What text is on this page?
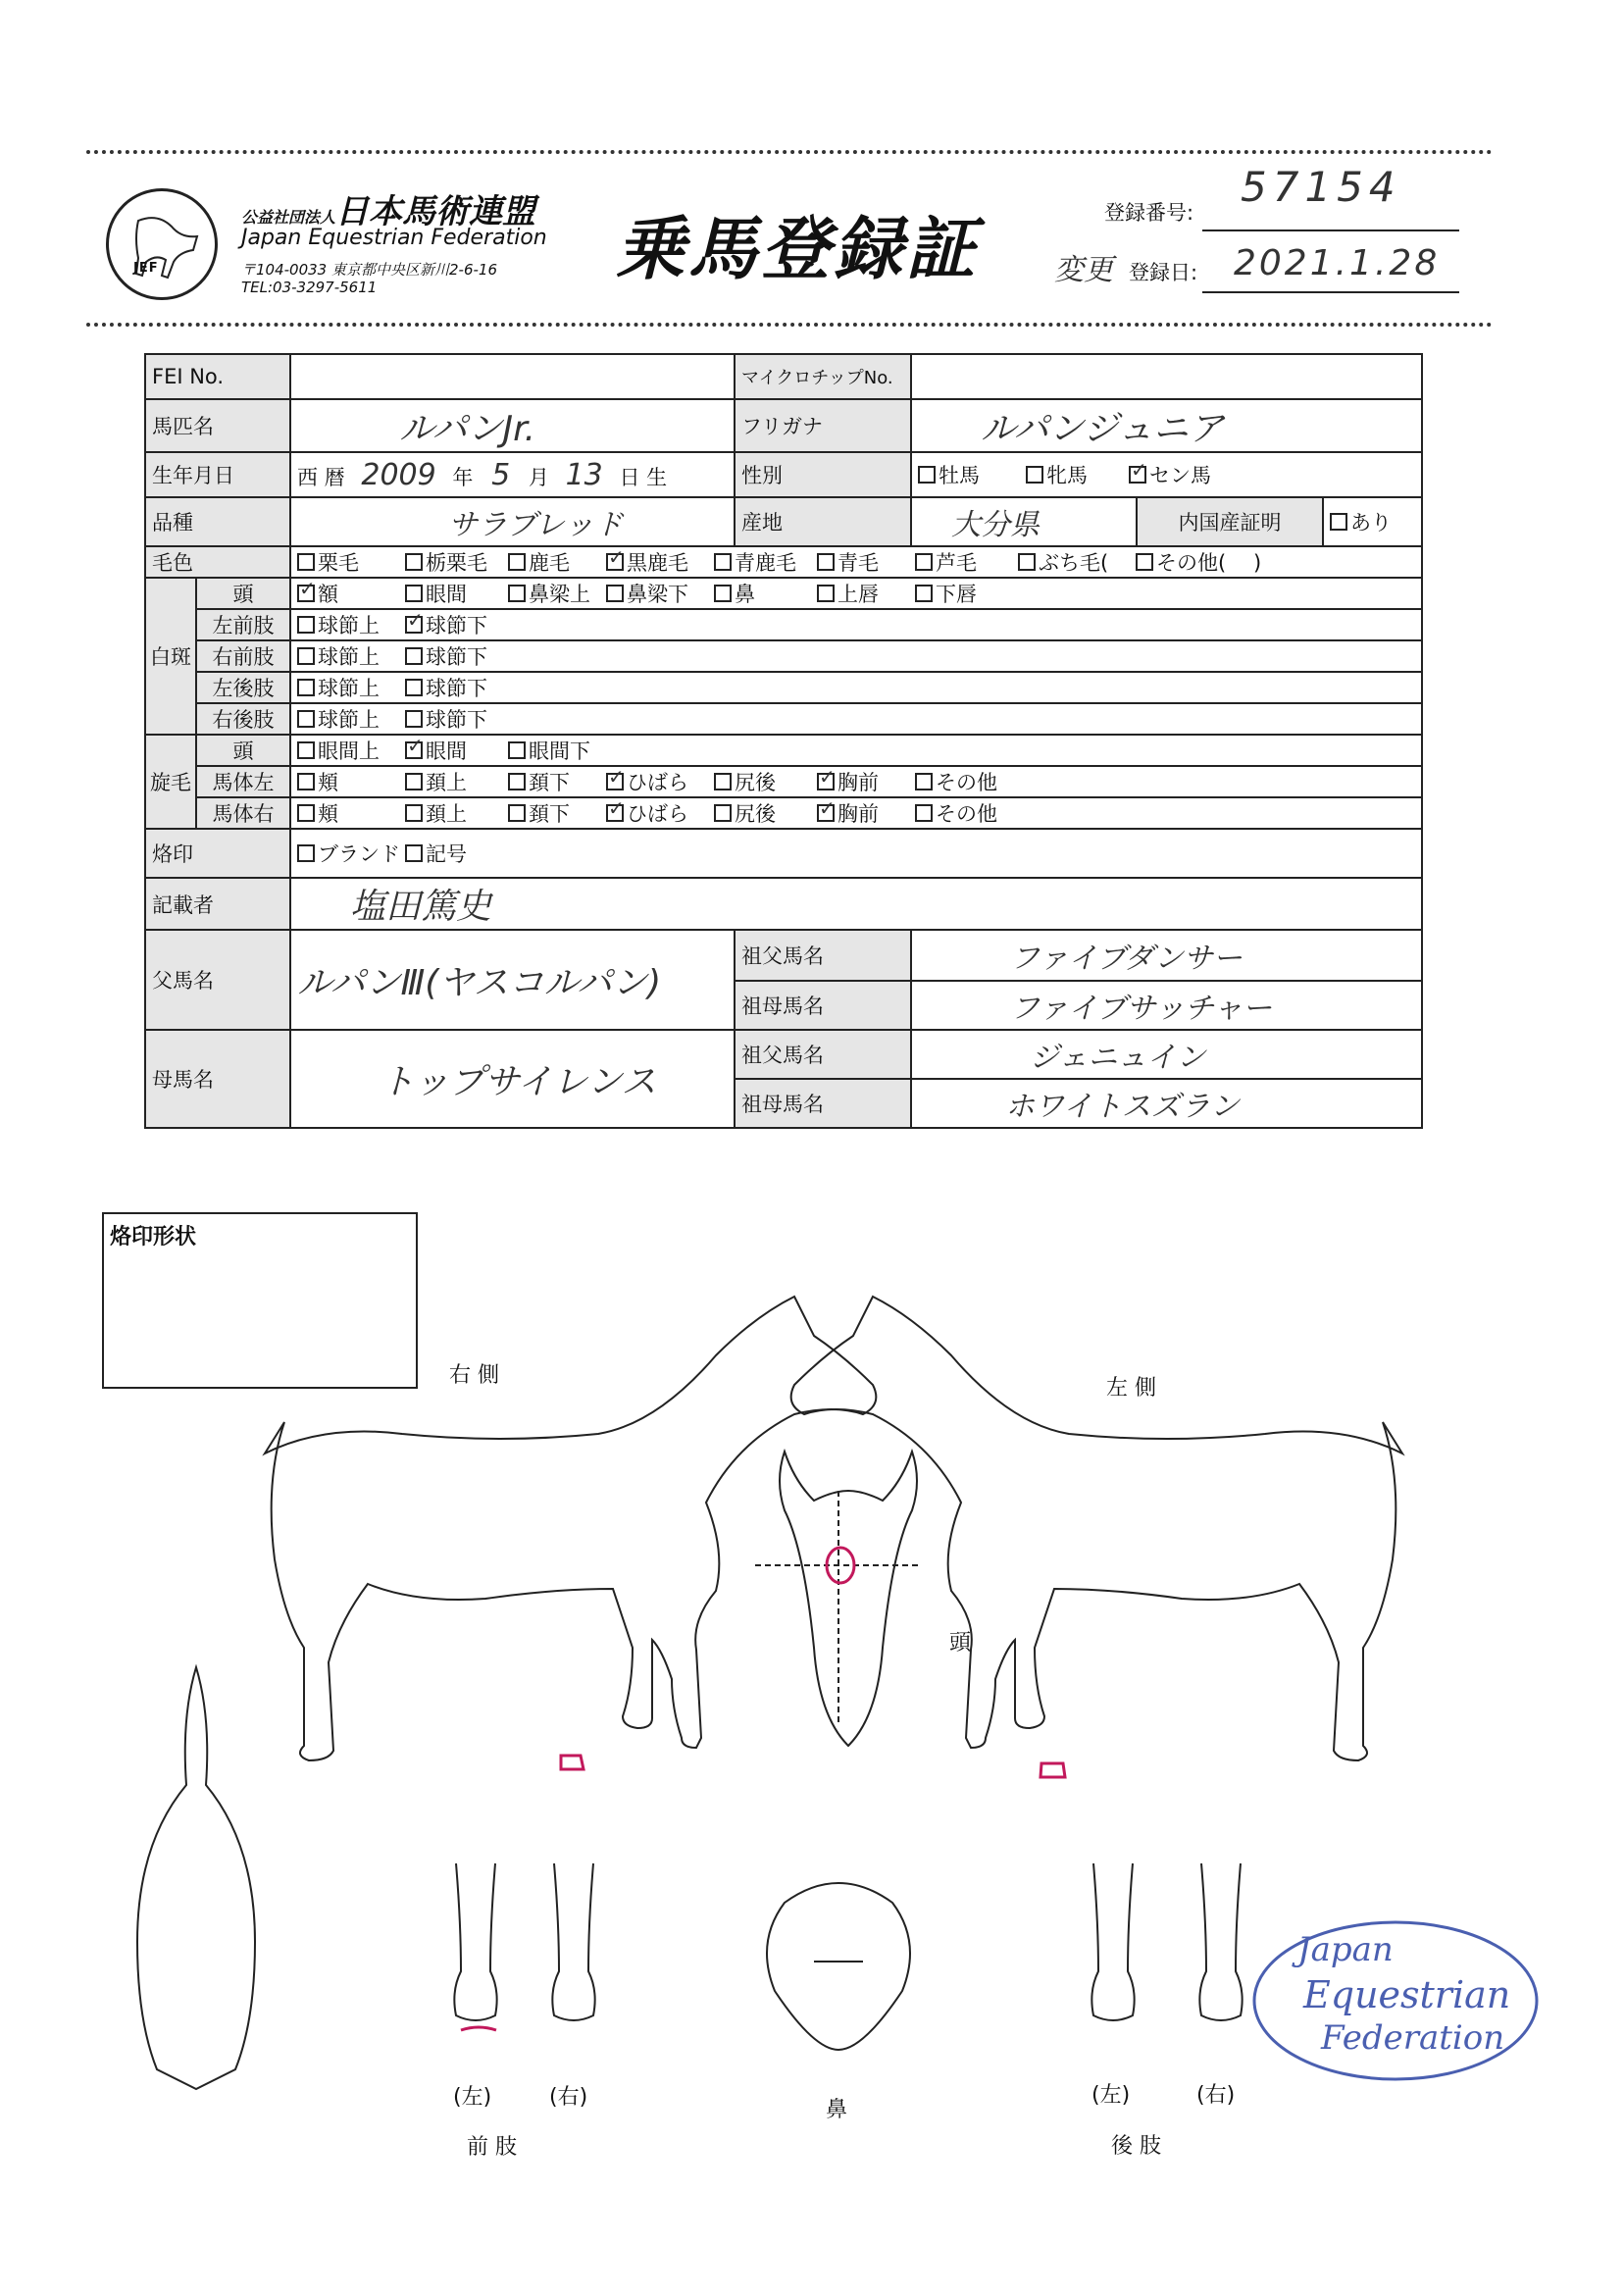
JEF
公益社団法人日本馬術連盟
Japan Equestrian Federation
〒104-0033 東京都中央区新川2-6-16
TEL:03-3297-5611	乗馬登録証	登録番号:
57154
変更 登録日: 2021.1.28
FEI No.			マイクロチップNo.			
馬匹名		ルパンJr.	フリガナ	ルパンジュニア		
生年月日		西 暦 2009 年 5 月 13 日 生	性別	牡馬 牝馬 ✓ セン馬
品種		サラブレッド	産地	大分県	内国産証明	あり
毛色		栗毛 栃栗毛 鹿毛 ✓ 黒鹿毛 青鹿毛 青毛 芦毛 ぶち毛( その他( )
白斑	頭	✓額 眼間 鼻梁上 鼻梁下 鼻 上唇 下唇
	左前肢	球節上 ✓ 球節下
	右前肢	球節上 球節下				
	左後肢	球節上 球節下				
	右後肢	球節上 球節下				
旋毛	頭	眼間上 ✓ 眼間 眼間下
	馬体左	頬 頚上 頚下 ✓ ひばら 尻後 ✓ 胸前 その他
	馬体右	頬 頚上 頚下 ✓ ひばら 尻後 ✓ 胸前 その他
烙印		ブランド 記号				
記載者		塩田篤史				
父馬名		ルパンⅢ(ヤスコルパン)	祖父馬名	ファイブダンサー		
			祖母馬名	ファイブサッチャー		
母馬名		トップサイレンス	祖父馬名	ジェニュイン		
			祖母馬名	ホワイトスズラン		
烙印形状
右 側
左 側
頭
鼻
(左)	(右)
前 肢
(左)	(右)
後 肢
Japan
Equestrian
Federation
